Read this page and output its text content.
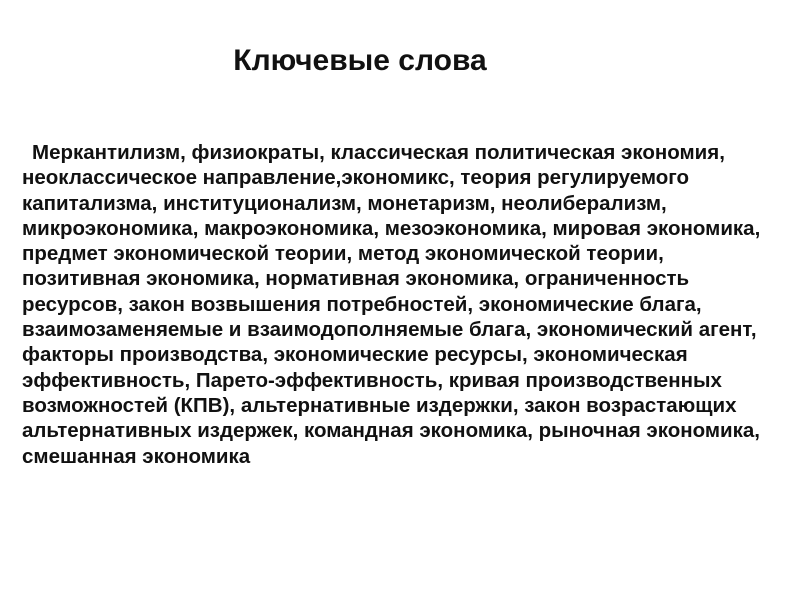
Ключевые слова

Меркантилизм, физиократы, классическая политическая экономия, неоклассическое направление,экономикс, теория регулируемого капитализма, институционализм, монетаризм, неолиберализм, микроэкономика, макроэкономика, мезоэкономика, мировая экономика, предмет экономической теории, метод экономической теории, позитивная экономика, нормативная экономика, ограниченность ресурсов, закон возвышения потребностей, экономические блага, взаимозаменяемые и взаимодополняемые блага, экономический агент, факторы производства, экономические ресурсы, экономическая эффективность, Парето-эффективность, кривая производственных возможностей (КПВ), альтернативные издержки, закон возрастающих альтернативных издержек, командная экономика, рыночная экономика, смешанная экономика
